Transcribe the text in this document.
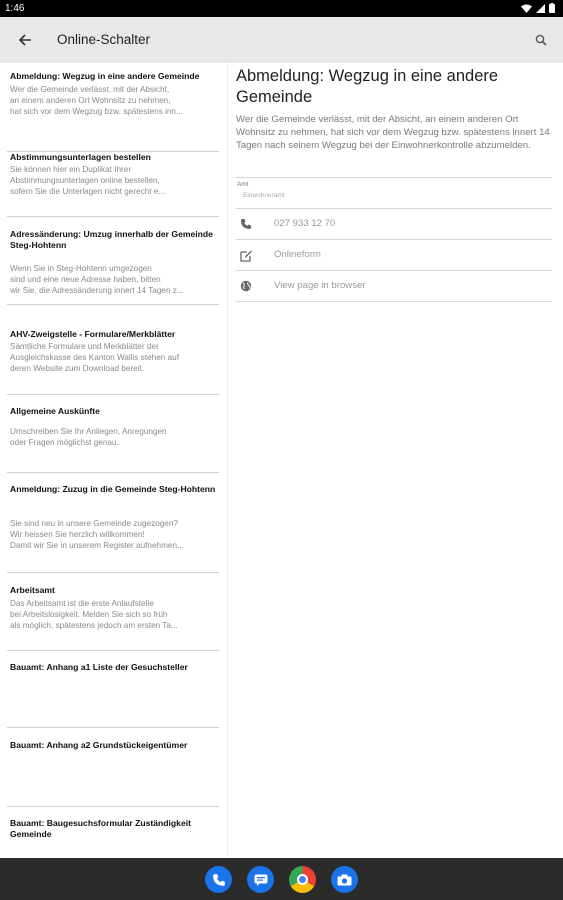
1:46
Online-Schalter
Abmeldung: Wegzug in eine andere Gemeinde
Wer die Gemeinde verlässt, mit der Absicht,
an einem anderen Ort Wohnsitz zu nehmen,
hat sich vor dem Wegzug bzw. spätestens inn...
Abstimmungsunterlagen bestellen
Sie können hier ein Duplikat Ihrer
Abstimmungsunterlagen online bestellen,
sofern Sie die Unterlagen nicht gerecht e...
Adressänderung: Umzug innerhalb der Gemeinde Steg-Hohtenn
Wenn Sie in Steg-Hohtenn umgezogen
sind und eine neue Adresse haben, bitten
wir Sie, die Adressänderung innert 14 Tagen z...
AHV-Zweigstelle - Formulare/Merkblätter
Sämtliche Formulare und Merkblätter der
Ausgleichskasse des Kanton Wallis stehen auf
deren Website zum Download bereit.
Allgemeine Auskünfte
Umschreiben Sie Ihr Anliegen, Anregungen
oder Fragen möglichst genau.
Anmeldung: Zuzug in die Gemeinde Steg-Hohtenn
Sie sind neu in unsere Gemeinde zugezogen?
Wir heissen Sie herzlich willkommen!
Damit wir Sie in unserem Register aufnehmen...
Arbeitsamt
Das Arbeitsamt ist die erste Anlaufstelle
bei Arbeitslosigkeit. Melden Sie sich so früh
als möglich, spätestens jedoch am ersten Ta...
Bauamt: Anhang a1 Liste der Gesuchsteller
Bauamt: Anhang a2 Grundstückeigentümer
Bauamt: Baugesuchsformular Zuständigkeit Gemeinde
Abmeldung: Wegzug in eine andere Gemeinde
Wer die Gemeinde verlässt, mit der Absicht, an einem anderen Ort Wohnsitz zu nehmen, hat sich vor dem Wegzug bzw. spätestens innert 14 Tagen nach seinem Wegzug bei der Einwohnerkontrolle abzumelden.
Amt
Einwohneramt
027 933 12 70
Onlineform
View page in browser
